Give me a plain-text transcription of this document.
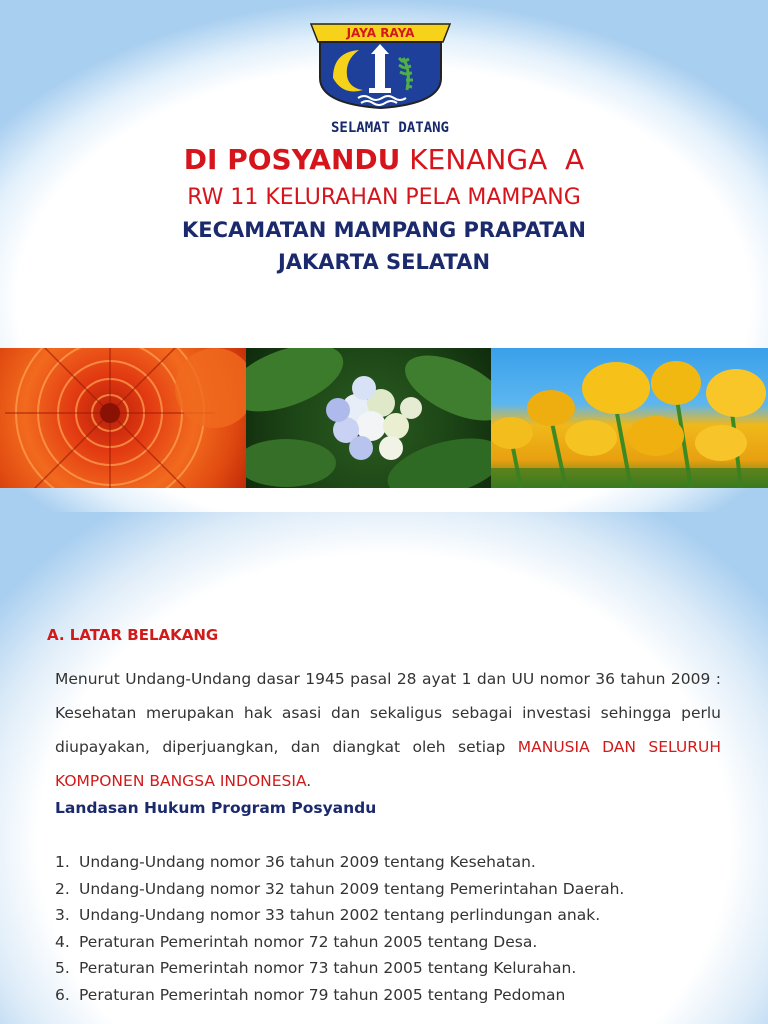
JAYA RAYA
SELAMAT DATANG
DI POSYANDU KENANGA  A
RW 11 KELURAHAN PELA MAMPANG
KECAMATAN MAMPANG PRAPATAN
JAKARTA SELATAN
A. LATAR BELAKANG
Menurut Undang-Undang dasar 1945 pasal 28 ayat 1 dan UU nomor 36 tahun 2009 : Kesehatan merupakan hak asasi dan sekaligus sebagai investasi sehingga perlu diupayakan, diperjuangkan, dan diangkat oleh setiap MANUSIA DAN SELURUH KOMPONEN BANGSA INDONESIA.
Landasan Hukum Program Posyandu
1. Undang-Undang nomor 36 tahun 2009 tentang Kesehatan.
2. Undang-Undang nomor 32 tahun 2009 tentang Pemerintahan Daerah.
3. Undang-Undang nomor 33 tahun 2002 tentang perlindungan anak.
4. Peraturan Pemerintah nomor 72 tahun 2005 tentang Desa.
5. Peraturan Pemerintah nomor 73 tahun 2005 tentang Kelurahan.
6. Peraturan Pemerintah nomor 79 tahun 2005 tentang Pedoman
